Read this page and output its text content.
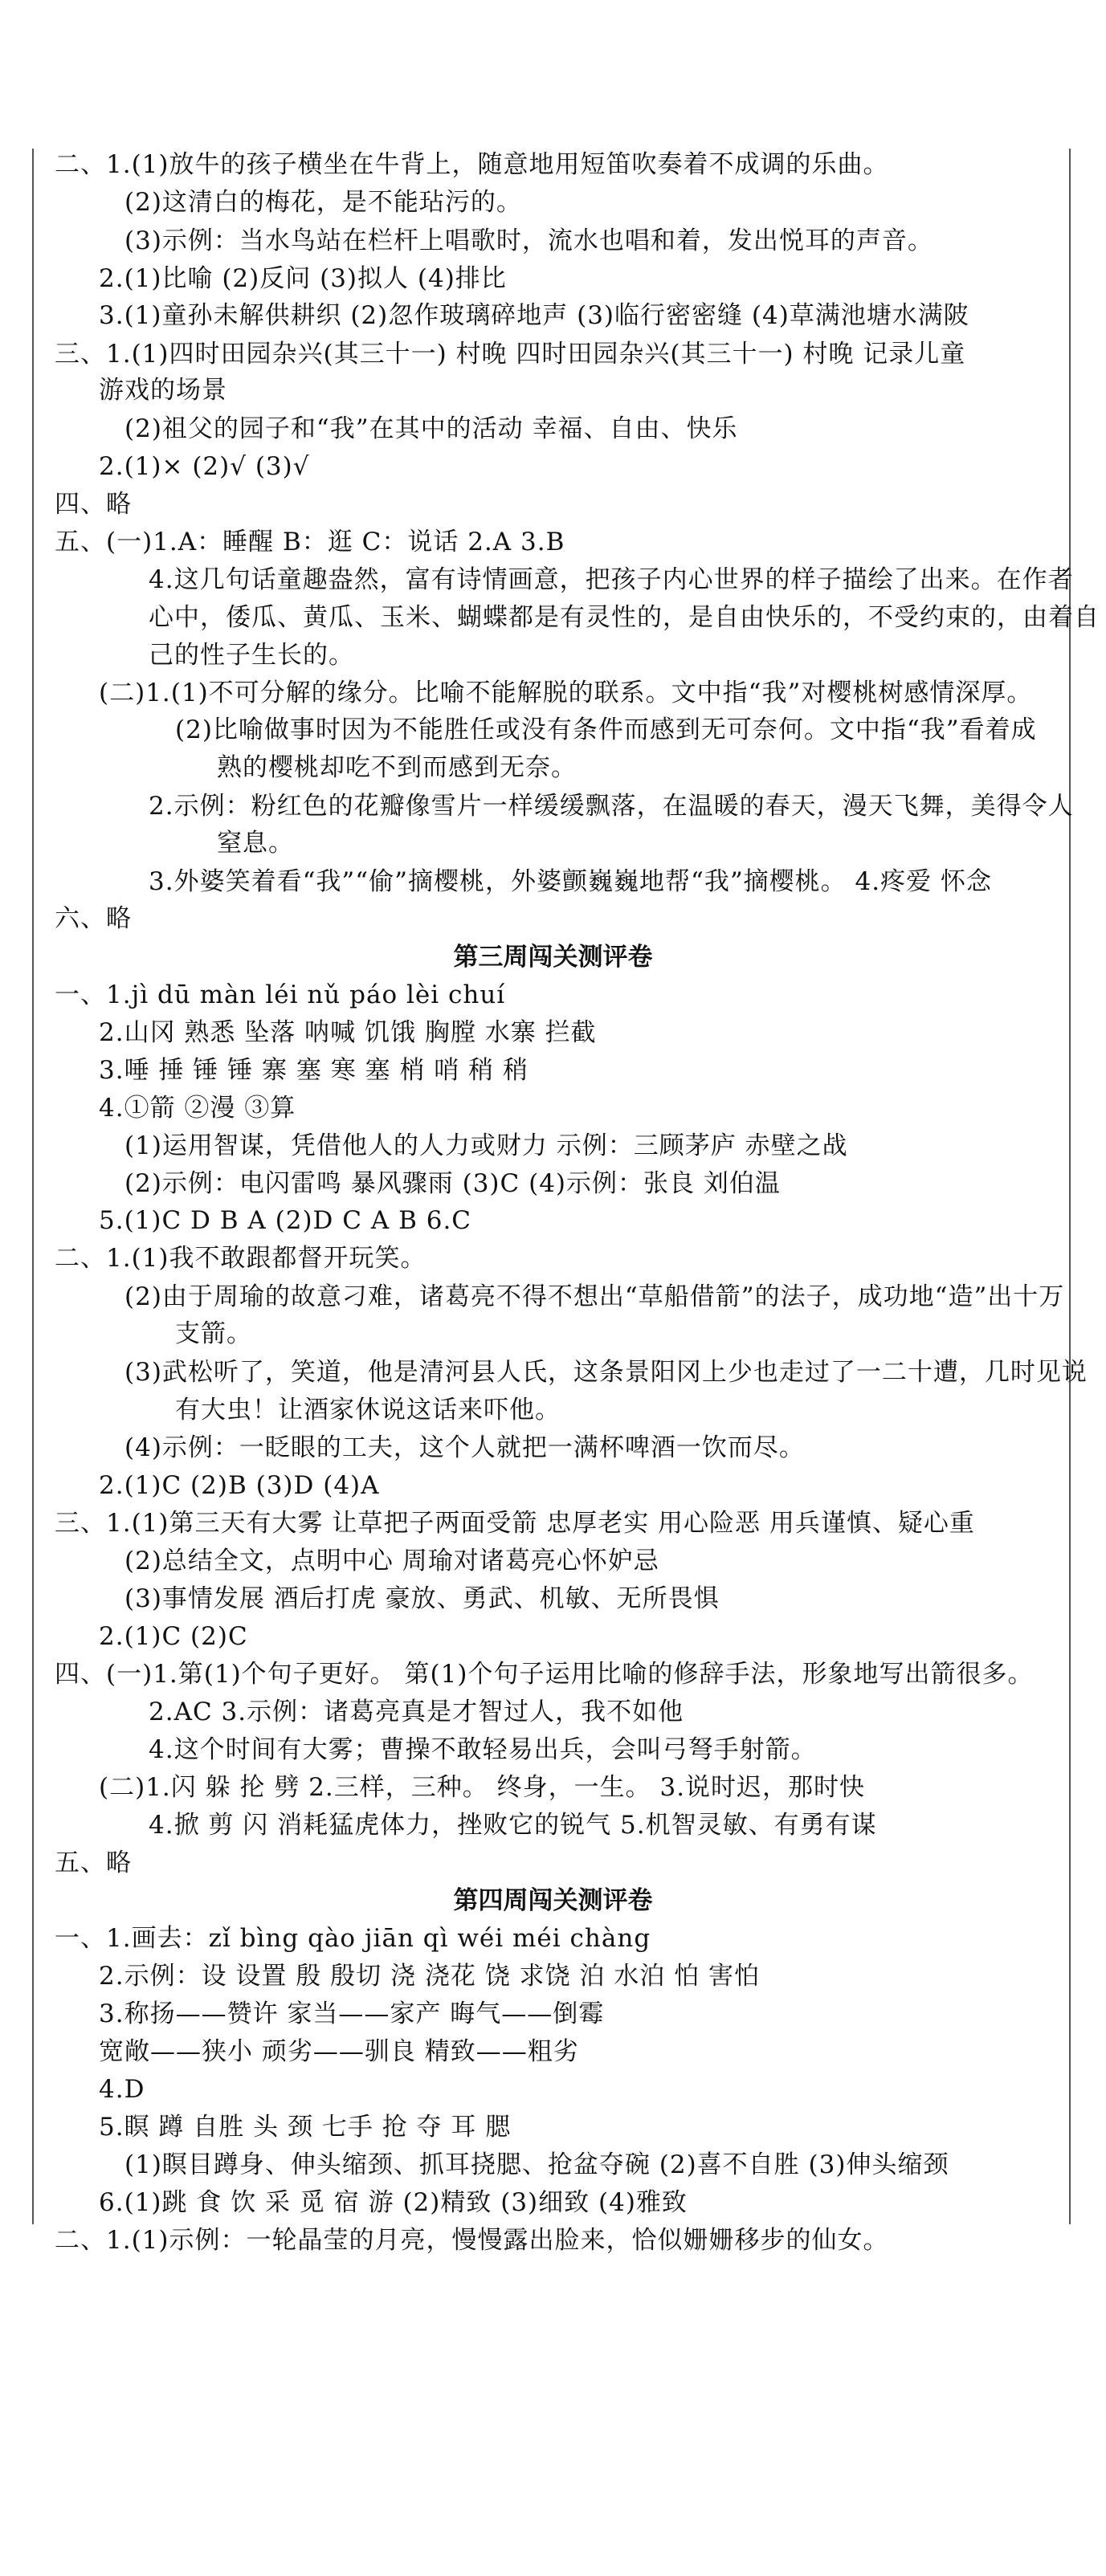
二、1.(1)放牛的孩子横坐在牛背上，随意地用短笛吹奏着不成调的乐曲。
(2)这清白的梅花，是不能玷污的。
(3)示例：当水鸟站在栏杆上唱歌时，流水也唱和着，发出悦耳的声音。
2.(1)比喻 (2)反问 (3)拟人 (4)排比
3.(1)童孙未解供耕织 (2)忽作玻璃碎地声 (3)临行密密缝 (4)草满池塘水满陂
三、1.(1)四时田园杂兴(其三十一) 村晚 四时田园杂兴(其三十一) 村晚 记录儿童
游戏的场景
(2)祖父的园子和“我”在其中的活动 幸福、自由、快乐
2.(1)× (2)√ (3)√
四、略
五、(一)1.A：睡醒 B：逛 C：说话 2.A 3.B
4.这几句话童趣盎然，富有诗情画意，把孩子内心世界的样子描绘了出来。在作者
心中，倭瓜、黄瓜、玉米、蝴蝶都是有灵性的，是自由快乐的，不受约束的，由着自
己的性子生长的。
(二)1.(1)不可分解的缘分。比喻不能解脱的联系。文中指“我”对樱桃树感情深厚。
(2)比喻做事时因为不能胜任或没有条件而感到无可奈何。文中指“我”看着成
熟的樱桃却吃不到而感到无奈。
2.示例：粉红色的花瓣像雪片一样缓缓飘落，在温暖的春天，漫天飞舞，美得令人
窒息。
3.外婆笑着看“我”“偷”摘樱桃，外婆颤巍巍地帮“我”摘樱桃。 4.疼爱 怀念
六、略
一、1.jì dū màn léi nǔ páo lèi chuí
2.山冈 熟悉 坠落 呐喊 饥饿 胸膛 水寨 拦截
3.唾 捶 锤 锤 寨 塞 寒 塞 梢 哨 稍 稍
4.①箭 ②漫 ③算
(1)运用智谋，凭借他人的人力或财力 示例：三顾茅庐 赤壁之战
(2)示例：电闪雷鸣 暴风骤雨 (3)C (4)示例：张良 刘伯温
5.(1)C D B A (2)D C A B 6.C
二、1.(1)我不敢跟都督开玩笑。
(2)由于周瑜的故意刁难，诸葛亮不得不想出“草船借箭”的法子，成功地“造”出十万
支箭。
(3)武松听了，笑道，他是清河县人氏，这条景阳冈上少也走过了一二十遭，几时见说
有大虫！让酒家休说这话来吓他。
(4)示例：一眨眼的工夫，这个人就把一满杯啤酒一饮而尽。
2.(1)C (2)B (3)D (4)A
三、1.(1)第三天有大雾 让草把子两面受箭 忠厚老实 用心险恶 用兵谨慎、疑心重
(2)总结全文，点明中心 周瑜对诸葛亮心怀妒忌
(3)事情发展 酒后打虎 豪放、勇武、机敏、无所畏惧
2.(1)C (2)C
四、(一)1.第(1)个句子更好。 第(1)个句子运用比喻的修辞手法，形象地写出箭很多。
2.AC 3.示例：诸葛亮真是才智过人，我不如他
4.这个时间有大雾；曹操不敢轻易出兵，会叫弓弩手射箭。
(二)1.闪 躲 抡 劈 2.三样，三种。 终身，一生。 3.说时迟，那时快
4.掀 剪 闪 消耗猛虎体力，挫败它的锐气 5.机智灵敏、有勇有谋
五、略
一、1.画去：zǐ bìng qào jiān qì wéi méi chàng
2.示例：设 设置 殷 殷切 浇 浇花 饶 求饶 泊 水泊 怕 害怕
3.称扬——赞许 家当——家产 晦气——倒霉
宽敞——狭小 顽劣——驯良 精致——粗劣
4.D
5.瞑 蹲 自胜 头 颈 七手 抢 夺 耳 腮
(1)瞑目蹲身、伸头缩颈、抓耳挠腮、抢盆夺碗 (2)喜不自胜 (3)伸头缩颈
6.(1)跳 食 饮 采 觅 宿 游 (2)精致 (3)细致 (4)雅致
二、1.(1)示例：一轮晶莹的月亮，慢慢露出脸来，恰似姗姗移步的仙女。
第三周闯关测评卷
第四周闯关测评卷
